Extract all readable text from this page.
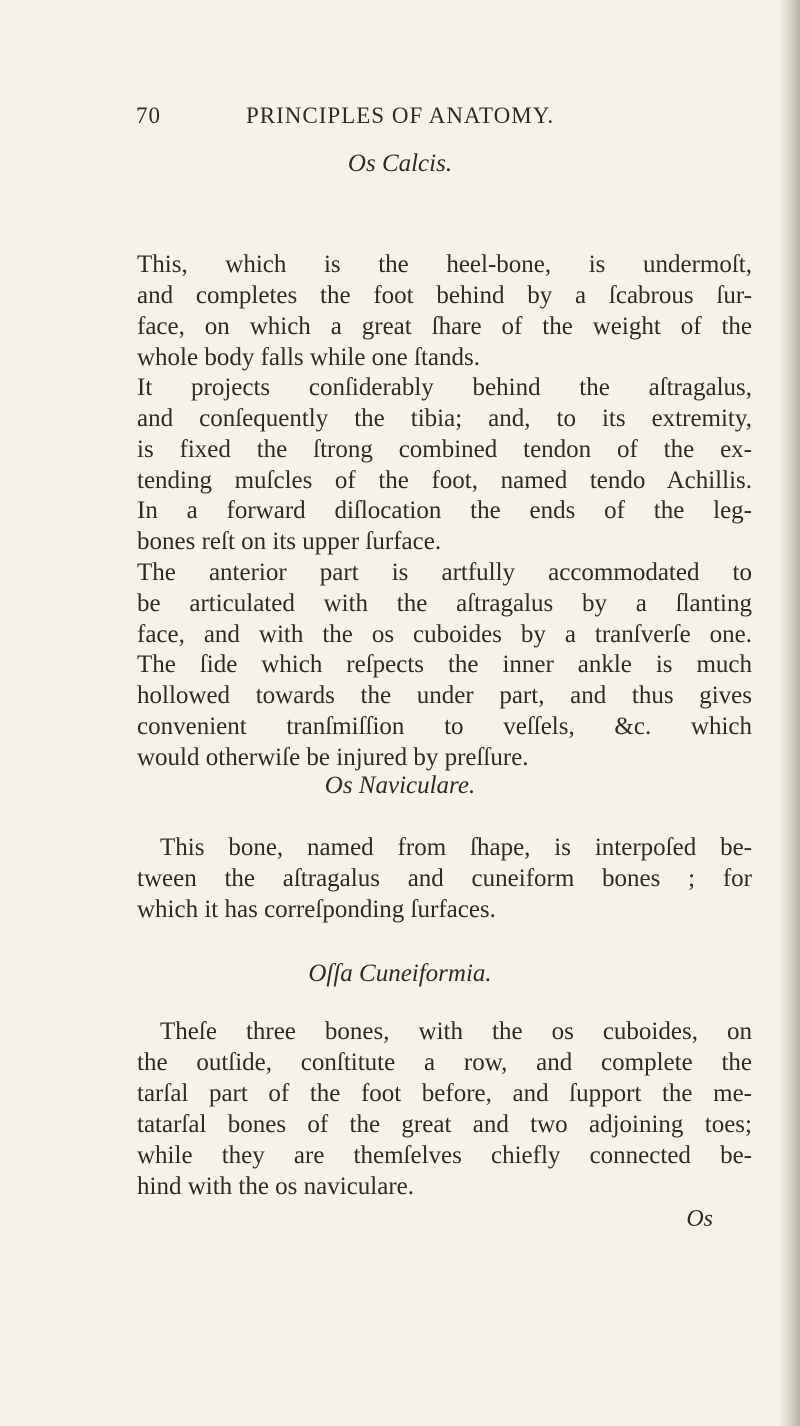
70	PRINCIPLES OF ANATOMY.
Os Calcis.
This, which is the heel-bone, is undermoſt,
and completes the foot behind by a ſcabrous ſur-
face, on which a great ſhare of the weight of the
whole body falls while one ſtands.
It projects conſiderably behind the aſtragalus,
and conſequently the tibia; and, to its extremity,
is fixed the ſtrong combined tendon of the ex-
tending muſcles of the foot, named tendo Achillis.
In a forward diſlocation the ends of the leg-
bones reſt on its upper ſurface.
The anterior part is artfully accommodated to
be articulated with the aſtragalus by a ſlanting
face, and with the os cuboides by a tranſverſe one.
The ſide which reſpects the inner ankle is much
hollowed towards the under part, and thus gives
convenient tranſmiſſion to veſſels, &c. which
would otherwiſe be injured by preſſure.
Os Naviculare.
This bone, named from ſhape, is interpoſed be-
tween the aſtragalus and cuneiform bones ; for
which it has correſponding ſurfaces.
Oſſa Cuneiformia.
Theſe three bones, with the os cuboides, on
the outſide, conſtitute a row, and complete the
tarſal part of the foot before, and ſupport the me-
tatarſal bones of the great and two adjoining toes;
while they are themſelves chiefly connected be-
hind with the os naviculare.
Os
